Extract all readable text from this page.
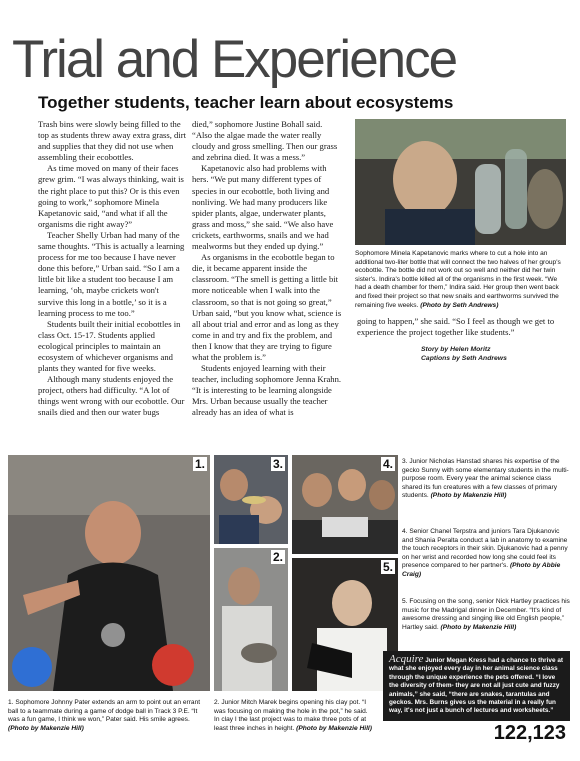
Trial and Experience
Together students, teacher learn about ecosystems

Trash bins were slowly being filled to the top as students threw away extra grass, dirt and supplies that they did not use when assembling their ecobottles.

As time moved on many of their faces grew grim. “I was always thinking, wait is the right place to put this? Or is this even going to work,” sophomore Minela Kapetanovic said, “and what if all the organisms die right away?”

Teacher Shelly Urban had many of the same thoughts. “This is actually a learning process for me too because I have never done this before,” Urban said. “So I am a little bit like a student too because I am learning, ‘oh, maybe crickets won't survive this long in a bottle,’ so it is a learning process to me too.”

Students built their initial ecobottles in class Oct. 15-17. Students applied ecological principles to maintain an ecosystem of whichever organisms and plants they wanted for five weeks.

Although many students enjoyed the project, others had difficulty. “A lot of things went wrong with our ecobottle. Our snails died and then our water bugs

died,” sophomore Justine Bohall said. “Also the algae made the water really cloudy and gross smelling. Then our grass and zebrina died. It was a mess.”

Kapetanovic also had problems with hers. “We put many different types of species in our ecobottle, both living and nonliving. We had many producers like spider plants, algae, underwater plants, grass and moss,” she said. “We also have crickets, earthworms, snails and we had mealworms but they ended up dying.”

As organisms in the ecobottle began to die, it became apparent inside the classroom. “The smell is getting a little bit more noticeable when I walk into the classroom, so that is not going so great,” Urban said, “but you know what, science is all about trial and error and as long as they come in and try and fix the problem, and then I know that they are trying to figure what the problem is.”

Students enjoyed learning with their teacher, including sophomore Jenna Krahn. “It is interesting to be learning alongside Mrs. Urban because usually the teacher already has an idea of what is

Sophomore Minela Kapetanovic marks where to cut a hole into an additional two-liter bottle that will connect the two halves of her group's ecobottle. The bottle did not work out so well and neither did her twin sister's. Indira's bottle killed all of the organisms in the first week. “We had a death chamber for them,” Indira said. Her group then went back and fixed their project so that new snails and earthworms survived the remaining five weeks. (Photo by Seth Andrews)

going to happen,” she said. “So I feel as though we get to experience the project together like students.”

Story by Helen Moritz
Captions by Seth Andrews
1.
1. Sophomore Johnny Pater extends an arm to point out an errant ball to a teammate during a game of dodge ball in Track 3 P.E. “It was a fun game, I think we won,” Pater said. His smile agrees. (Photo by Makenzie Hill)
3.
2.
2. Junior Mitch Marek begins opening his clay pot. “I was focusing on making the hole in the pot,” he said. In clay I the last project was to make three pots of at least three inches in height. (Photo by Makenzie Hill)
4.
5.
3. Junior Nicholas Hanstad shares his expertise of the gecko Sunny with some elementary students in the multi-purpose room. Every year the animal science class shared its fun creatures with a few classes of primary students. (Photo by Makenzie Hill)
4. Senior Chanel Terpstra and juniors Tara Djukanovic and Shania Peralta conduct a lab in anatomy to examine the touch receptors in their skin. Djukanovic had a penny on her wrist and recorded how long she could feel its presence compared to her partner's. (Photo by Abbie Craig)
5. Focusing on the song, senior Nick Hartley practices his music for the Madrigal dinner in December. “It's kind of awesome dressing and singing like old English people,” Hartley said. (Photo by Makenzie Hill)
Acquire Junior Megan Kress had a chance to thrive at what she enjoyed every day in her animal science class through the unique experience the pets offered. “I love the diversity of them- they are not all just cute and fuzzy animals,” she said, “there are snakes, tarantulas and geckos. Mrs. Burns gives us the material in a really fun way, it's not just a bunch of lectures and worksheets.”
122,123
